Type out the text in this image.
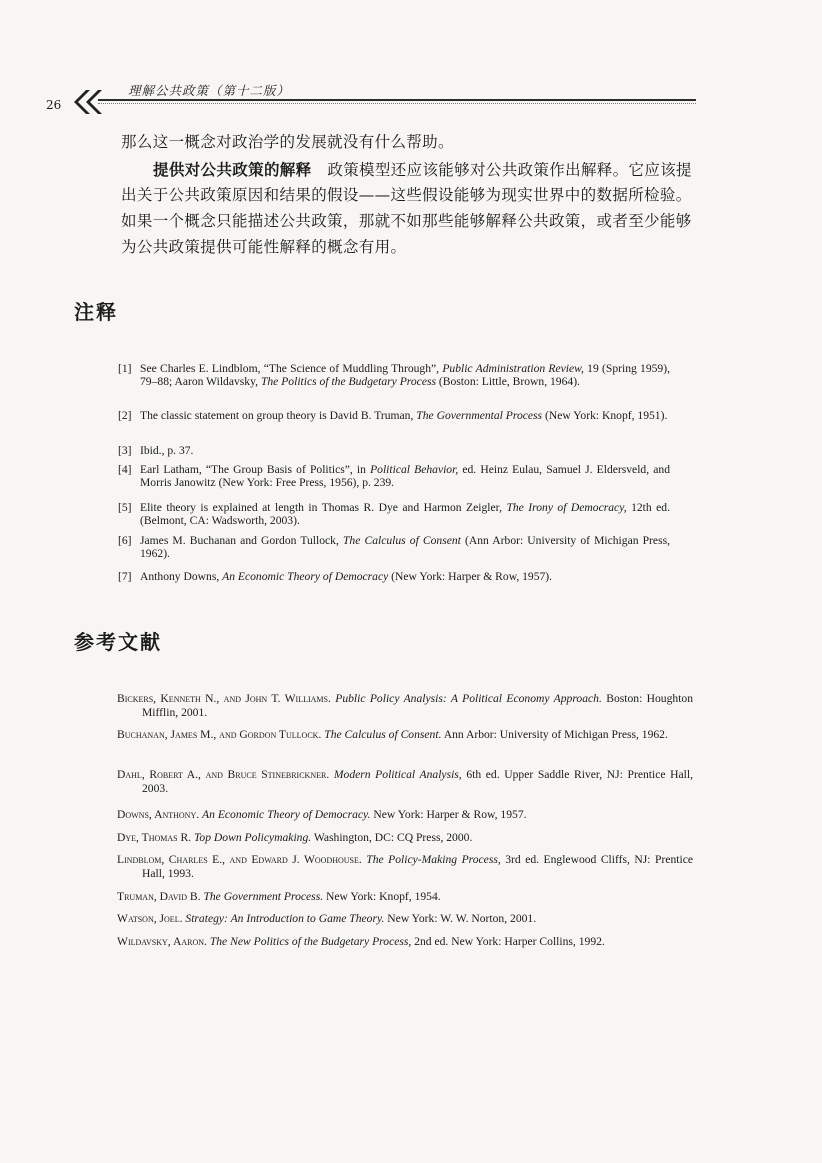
26
理解公共政策（第十二版）
那么这一概念对政治学的发展就没有什么帮助。
提供对公共政策的解释 政策模型还应该能够对公共政策作出解释。它应该提
出关于公共政策原因和结果的假设——这些假设能够为现实世界中的数据所检验。
如果一个概念只能描述公共政策，那就不如那些能够解释公共政策，或者至少能够
为公共政策提供可能性解释的概念有用。
注释
[1] See Charles E. Lindblom, “The Science of Muddling Through”, Public Administration Review, 19 (Spring 1959), 79–88; Aaron Wildavsky, The Politics of the Budgetary Process (Boston: Little, Brown, 1964).
[2] The classic statement on group theory is David B. Truman, The Governmental Process (New York: Knopf, 1951).
[3] Ibid., p. 37.
[4] Earl Latham, “The Group Basis of Politics”, in Political Behavior, ed. Heinz Eulau, Samuel J. Eldersveld, and Morris Janowitz (New York: Free Press, 1956), p. 239.
[5] Elite theory is explained at length in Thomas R. Dye and Harmon Zeigler, The Irony of Democracy, 12th ed. (Belmont, CA: Wadsworth, 2003).
[6] James M. Buchanan and Gordon Tullock, The Calculus of Consent (Ann Arbor: University of Michigan Press, 1962).
[7] Anthony Downs, An Economic Theory of Democracy (New York: Harper & Row, 1957).
参考文献
Bickers, Kenneth N., and John T. Williams. Public Policy Analysis: A Political Economy Approach. Boston: Houghton Mifflin, 2001.
Buchanan, James M., and Gordon Tullock. The Calculus of Consent. Ann Arbor: University of Michigan Press, 1962.
Dahl, Robert A., and Bruce Stinebrickner. Modern Political Analysis, 6th ed. Upper Saddle River, NJ: Prentice Hall, 2003.
Downs, Anthony. An Economic Theory of Democracy. New York: Harper & Row, 1957.
Dye, Thomas R. Top Down Policymaking. Washington, DC: CQ Press, 2000.
Lindblom, Charles E., and Edward J. Woodhouse. The Policy-Making Process, 3rd ed. Englewood Cliffs, NJ: Prentice Hall, 1993.
Truman, David B. The Government Process. New York: Knopf, 1954.
Watson, Joel. Strategy: An Introduction to Game Theory. New York: W. W. Norton, 2001.
Wildavsky, Aaron. The New Politics of the Budgetary Process, 2nd ed. New York: Harper Collins, 1992.
